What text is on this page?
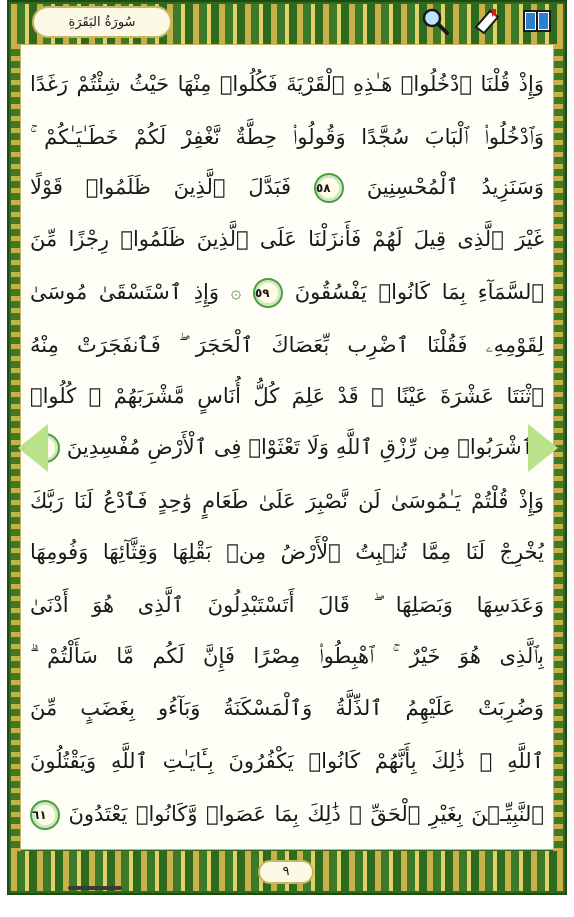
سُورَةُ البَقَرَةِ
وَإِذْ قُلْنَا ٱدْخُلُوا۟ هَـٰذِهِ ٱلْقَرْيَةَ فَكُلُوا۟ مِنْهَا حَيْثُ شِئْتُمْ رَغَدًا
وَٱدْخُلُوا۟ ٱلْبَابَ سُجَّدًا وَقُولُوا۟ حِطَّةٌ نَّغْفِرْ لَكُمْ خَطَـٰيَـٰكُمْ ۚ
وَسَنَزِيدُ ٱلْمُحْسِنِينَ ٥٨ فَبَدَّلَ ٱلَّذِينَ ظَلَمُوا۟ قَوْلًا
غَيْرَ ٱلَّذِى قِيلَ لَهُمْ فَأَنزَلْنَا عَلَى ٱلَّذِينَ ظَلَمُوا۟ رِجْزًا مِّنَ
ٱلسَّمَآءِ بِمَا كَانُوا۟ يَفْسُقُونَ ٥٩ ۞ وَإِذِ ٱسْتَسْقَىٰ مُوسَىٰ
لِقَوْمِهِۦ فَقُلْنَا ٱضْرِب بِّعَصَاكَ ٱلْحَجَرَ ۖ فَٱنفَجَرَتْ مِنْهُ
ٱثْنَتَا عَشْرَةَ عَيْنًا ۖ قَدْ عَلِمَ كُلُّ أُنَاسٍ مَّشْرَبَهُمْ ۖ كُلُوا۟
وَٱشْرَبُوا۟ مِن رِّزْقِ ٱللَّهِ وَلَا تَعْثَوْا۟ فِى ٱلْأَرْضِ مُفْسِدِينَ ٦٠
وَإِذْ قُلْتُمْ يَـٰمُوسَىٰ لَن نَّصْبِرَ عَلَىٰ طَعَامٍ وَٰحِدٍ فَٱدْعُ لَنَا رَبَّكَ
يُخْرِجْ لَنَا مِمَّا تُنۢبِتُ ٱلْأَرْضُ مِنۢ بَقْلِهَا وَقِثَّآئِهَا وَفُومِهَا
وَعَدَسِهَا وَبَصَلِهَا ۖ قَالَ أَتَسْتَبْدِلُونَ ٱلَّذِى هُوَ أَدْنَىٰ
بِٱلَّذِى هُوَ خَيْرٌ ۚ ٱهْبِطُوا۟ مِصْرًا فَإِنَّ لَكُم مَّا سَأَلْتُمْ ۗ
وَضُرِبَتْ عَلَيْهِمُ ٱلذِّلَّةُ وَٱلْمَسْكَنَةُ وَبَآءُو بِغَضَبٍ مِّنَ
ٱللَّهِ ۗ ذَٰلِكَ بِأَنَّهُمْ كَانُوا۟ يَكْفُرُونَ بِـَٔايَـٰتِ ٱللَّهِ وَيَقْتُلُونَ
ٱلنَّبِيِّـۧنَ بِغَيْرِ ٱلْحَقِّ ۗ ذَٰلِكَ بِمَا عَصَوا۟ وَّكَانُوا۟ يَعْتَدُونَ ٦١
٩
